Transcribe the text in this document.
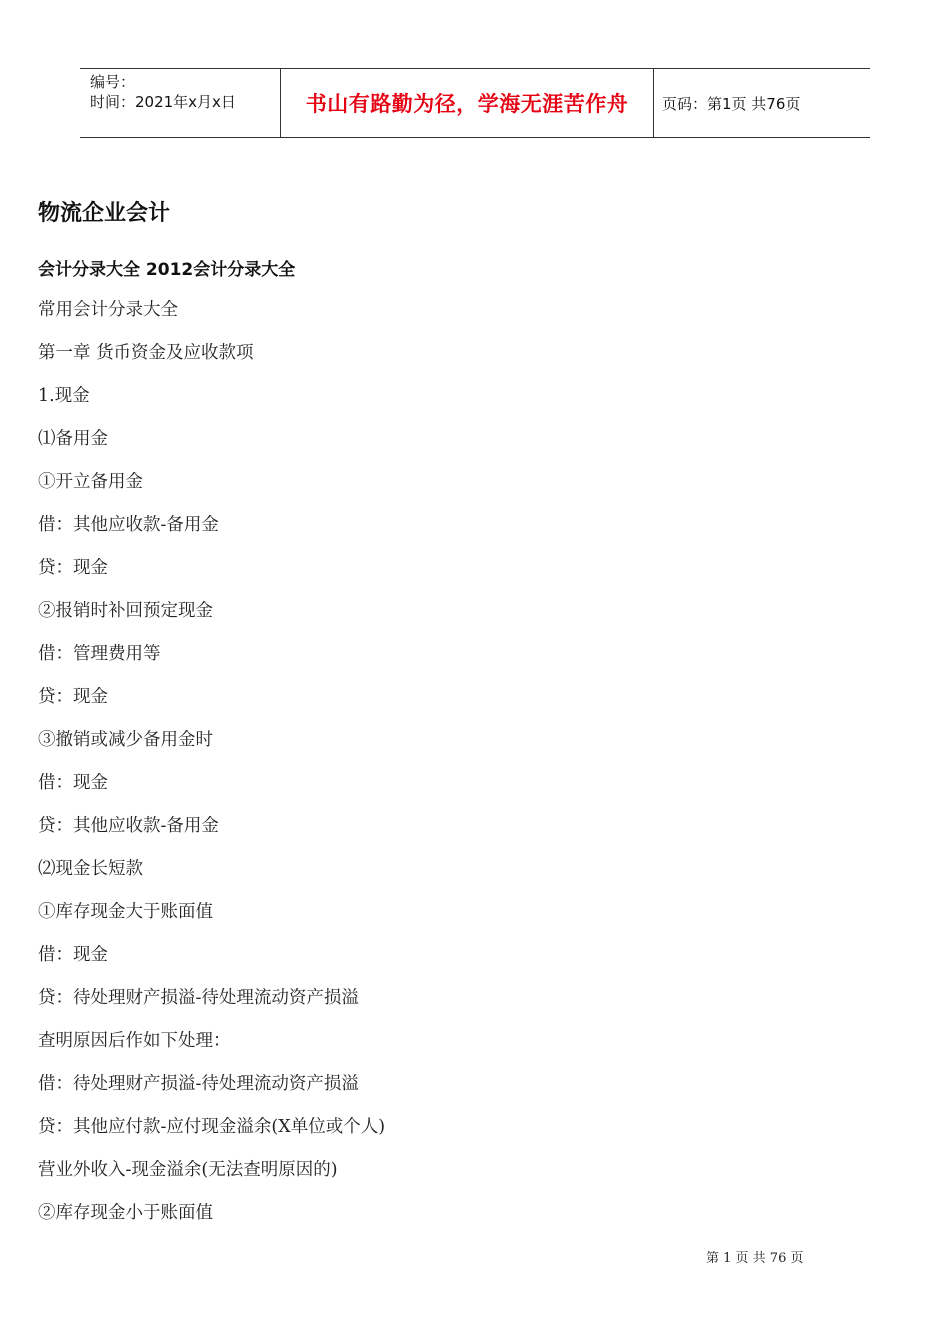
编号：
时间：2021年x月x日	书山有路勤为径，学海无涯苦作舟 页码：第1页 共76页
物流企业会计
会计分录大全 2012会计分录大全
常用会计分录大全
第一章 货币资金及应收款项
1.现金
⑴备用金
①开立备用金
借：其他应收款-备用金
贷：现金
②报销时补回预定现金
借：管理费用等
贷：现金
③撤销或减少备用金时
借：现金
贷：其他应收款-备用金
⑵现金长短款
①库存现金大于账面值
借：现金
贷：待处理财产损溢-待处理流动资产损溢
查明原因后作如下处理：
借：待处理财产损溢-待处理流动资产损溢
贷：其他应付款-应付现金溢余(X单位或个人)
营业外收入-现金溢余(无法查明原因的)
②库存现金小于账面值
第 1 页 共 76 页
